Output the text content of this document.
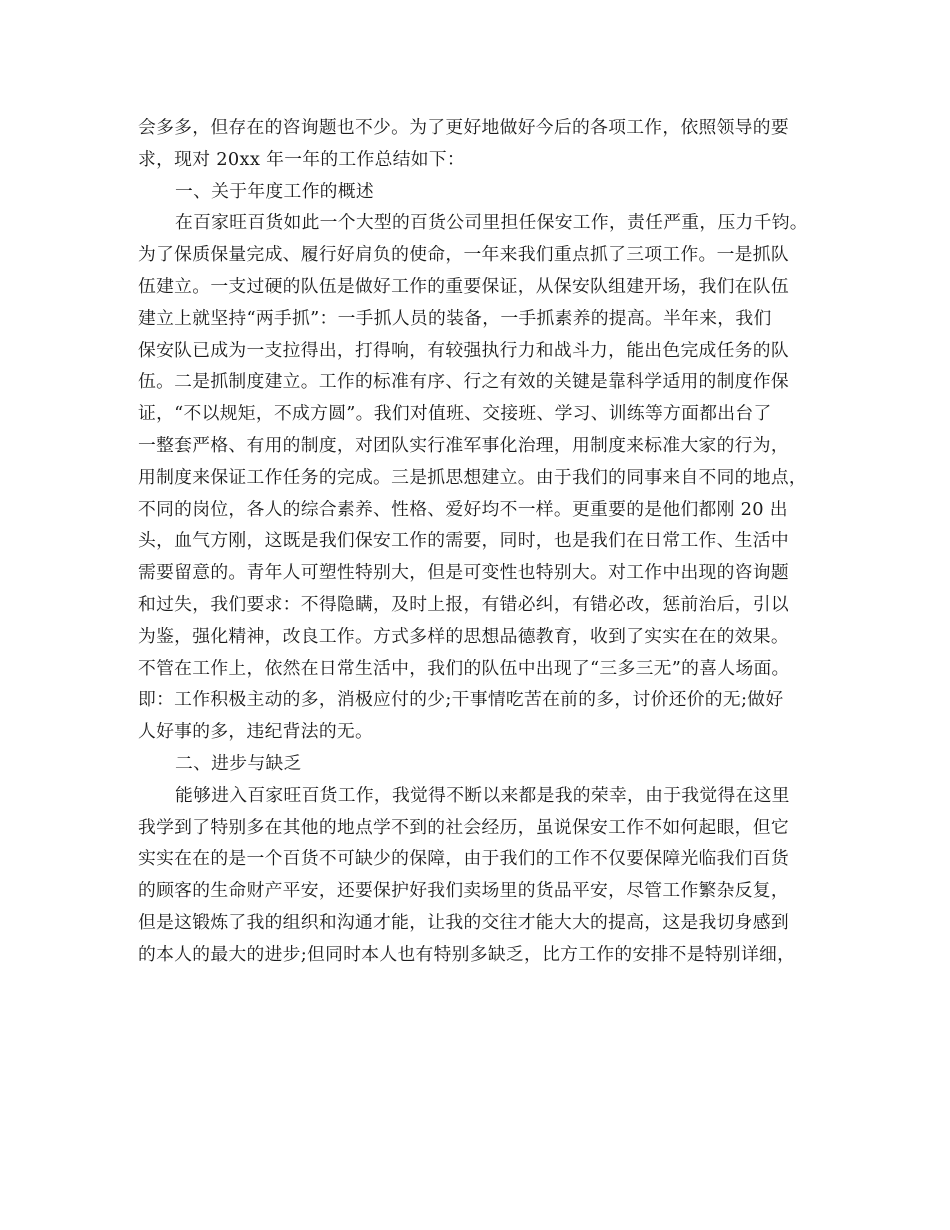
会多多，但存在的咨询题也不少。为了更好地做好今后的各项工作，依照领导的要
求，现对 20xx 年一年的工作总结如下：
一、关于年度工作的概述
在百家旺百货如此一个大型的百货公司里担任保安工作，责任严重，压力千钧。
为了保质保量完成、履行好肩负的使命，一年来我们重点抓了三项工作。一是抓队
伍建立。一支过硬的队伍是做好工作的重要保证，从保安队组建开场，我们在队伍
建立上就坚持“两手抓”：一手抓人员的装备，一手抓素养的提高。半年来，我们
保安队已成为一支拉得出，打得响，有较强执行力和战斗力，能出色完成任务的队
伍。二是抓制度建立。工作的标准有序、行之有效的关键是靠科学适用的制度作保
证，“不以规矩，不成方圆”。我们对值班、交接班、学习、训练等方面都出台了
一整套严格、有用的制度，对团队实行准军事化治理，用制度来标准大家的行为，
用制度来保证工作任务的完成。三是抓思想建立。由于我们的同事来自不同的地点，
不同的岗位，各人的综合素养、性格、爱好均不一样。更重要的是他们都刚 20 出
头，血气方刚，这既是我们保安工作的需要，同时，也是我们在日常工作、生活中
需要留意的。青年人可塑性特别大，但是可变性也特别大。对工作中出现的咨询题
和过失，我们要求：不得隐瞒，及时上报，有错必纠，有错必改，惩前治后，引以
为鉴，强化精神，改良工作。方式多样的思想品德教育，收到了实实在在的效果。
不管在工作上，依然在日常生活中，我们的队伍中出现了“三多三无”的喜人场面。
即：工作积极主动的多，消极应付的少;干事情吃苦在前的多，讨价还价的无;做好
人好事的多，违纪背法的无。
二、进步与缺乏
能够进入百家旺百货工作，我觉得不断以来都是我的荣幸，由于我觉得在这里
我学到了特别多在其他的地点学不到的社会经历，虽说保安工作不如何起眼，但它
实实在在的是一个百货不可缺少的保障，由于我们的工作不仅要保障光临我们百货
的顾客的生命财产平安，还要保护好我们卖场里的货品平安，尽管工作繁杂反复，
但是这锻炼了我的组织和沟通才能，让我的交往才能大大的提高，这是我切身感到
的本人的最大的进步;但同时本人也有特别多缺乏，比方工作的安排不是特别详细，
